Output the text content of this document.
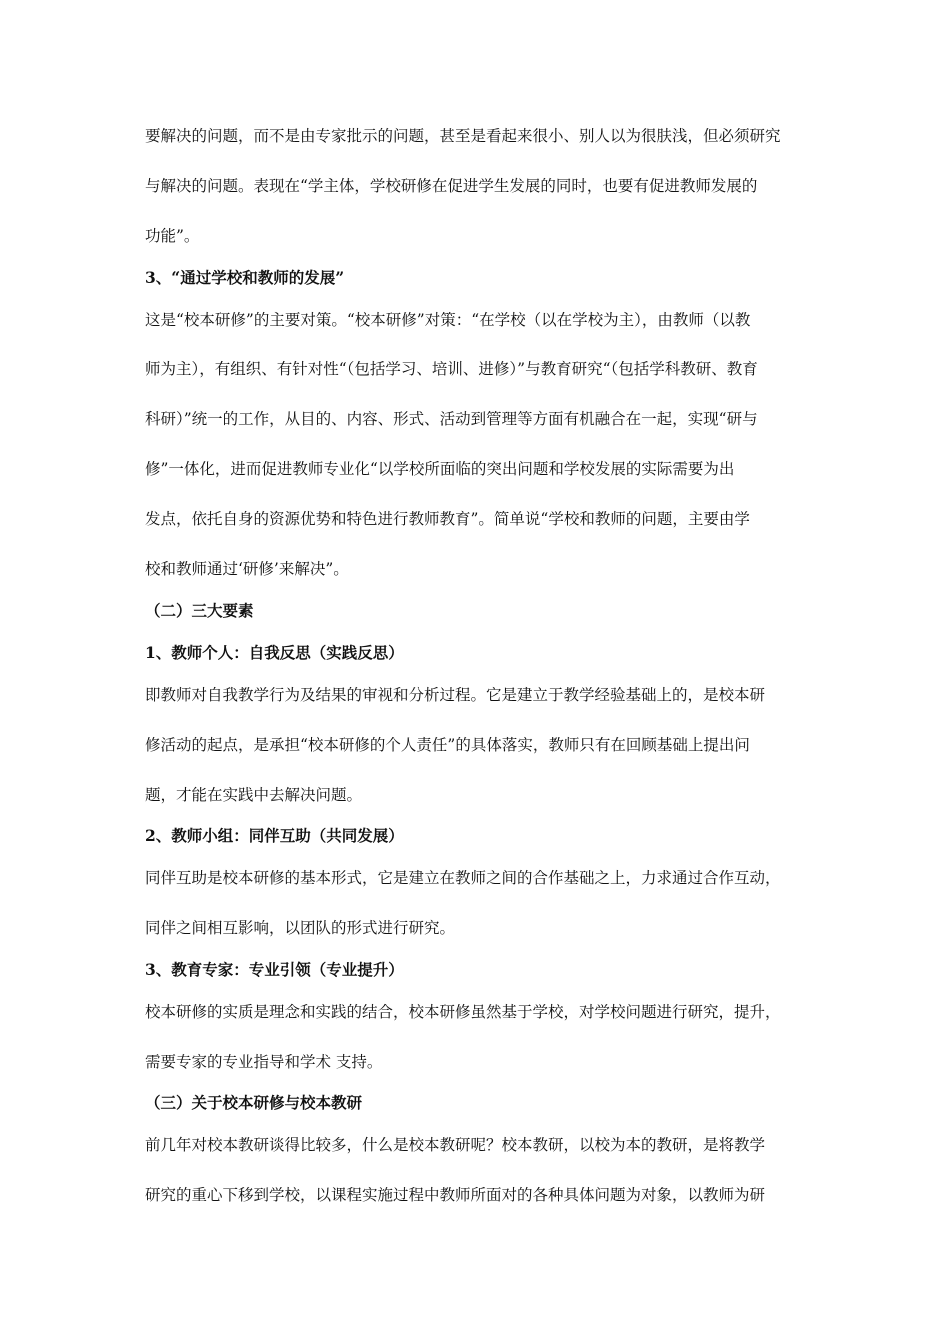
要解决的问题，而不是由专家批示的问题，甚至是看起来很小、别人以为很肤浅，但必须研究
与解决的问题。表现在“学主体，学校研修在促进学生发展的同时，也要有促进教师发展的
功能”。
3、“通过学校和教师的发展”
这是“校本研修”的主要对策。“校本研修”对策：“在学校（以在学校为主），由教师（以教
师为主），有组织、有针对性“（包括学习、培训、进修）”与教育研究“（包括学科教研、教育
科研）”统一的工作，从目的、内容、形式、活动到管理等方面有机融合在一起，实现“研与
修”一体化，进而促进教师专业化“以学校所面临的突出问题和学校发展的实际需要为出
发点，依托自身的资源优势和特色进行教师教育”。简单说“学校和教师的问题，主要由学
校和教师通过‘研修’来解决”。
（二）三大要素
1、教师个人：自我反思（实践反思）
即教师对自我教学行为及结果的审视和分析过程。它是建立于教学经验基础上的，是校本研
修活动的起点，是承担“校本研修的个人责任”的具体落实，教师只有在回顾基础上提出问
题，才能在实践中去解决问题。
2、教师小组：同伴互助（共同发展）
同伴互助是校本研修的基本形式，它是建立在教师之间的合作基础之上，力求通过合作互动，
同伴之间相互影响，以团队的形式进行研究。
3、教育专家：专业引领（专业提升）
校本研修的实质是理念和实践的结合，校本研修虽然基于学校，对学校问题进行研究，提升，
需要专家的专业指导和学术 支持。
（三）关于校本研修与校本教研
前几年对校本教研谈得比较多，什么是校本教研呢？校本教研，以校为本的教研，是将教学
研究的重心下移到学校，以课程实施过程中教师所面对的各种具体问题为对象，以教师为研
